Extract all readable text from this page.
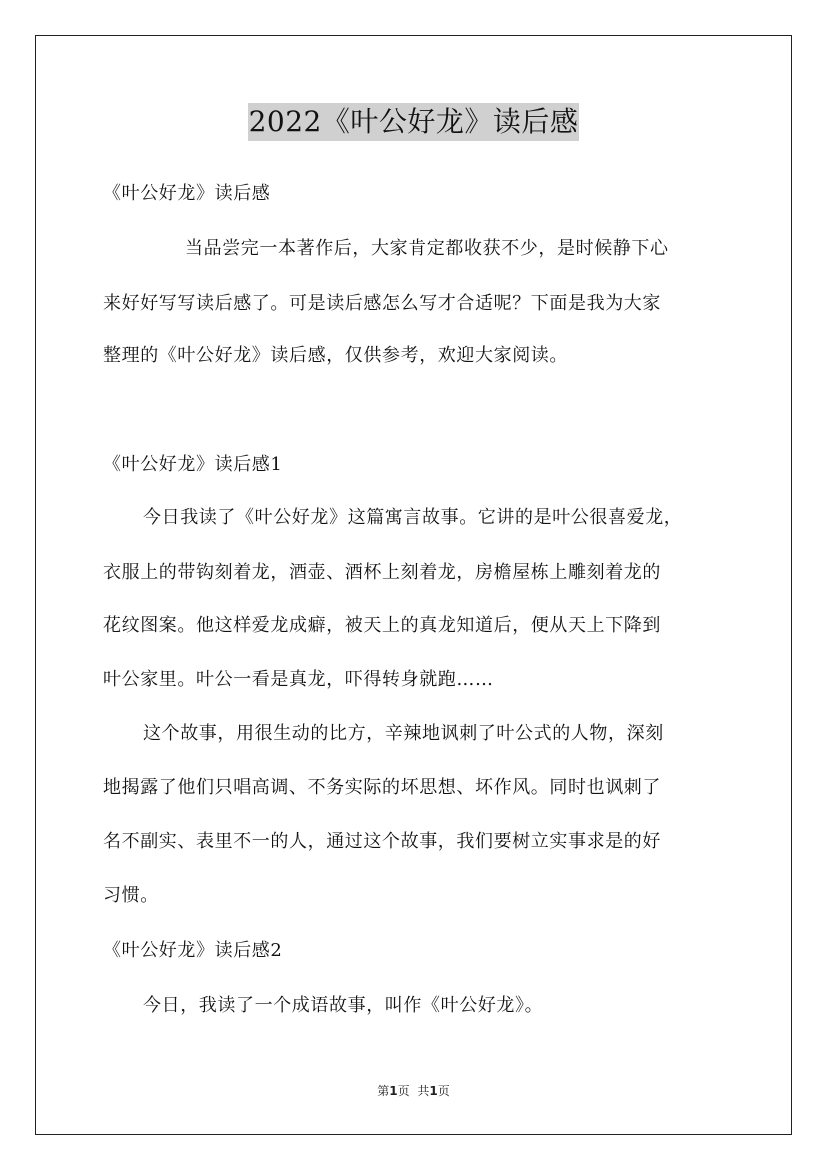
2022《叶公好龙》读后感
《叶公好龙》读后感
当品尝完一本著作后，大家肯定都收获不少，是时候静下心
来好好写写读后感了。可是读后感怎么写才合适呢？下面是我为大家
整理的《叶公好龙》读后感，仅供参考，欢迎大家阅读。
《叶公好龙》读后感1
今日我读了《叶公好龙》这篇寓言故事。它讲的是叶公很喜爱龙，
衣服上的带钩刻着龙，酒壶、酒杯上刻着龙，房檐屋栋上雕刻着龙的
花纹图案。他这样爱龙成癖，被天上的真龙知道后，便从天上下降到
叶公家里。叶公一看是真龙，吓得转身就跑……
这个故事，用很生动的比方，辛辣地讽刺了叶公式的人物，深刻
地揭露了他们只唱高调、不务实际的坏思想、坏作风。同时也讽刺了
名不副实、表里不一的人，通过这个故事，我们要树立实事求是的好
习惯。
《叶公好龙》读后感2
今日，我读了一个成语故事，叫作《叶公好龙》。
第1页 共1页
